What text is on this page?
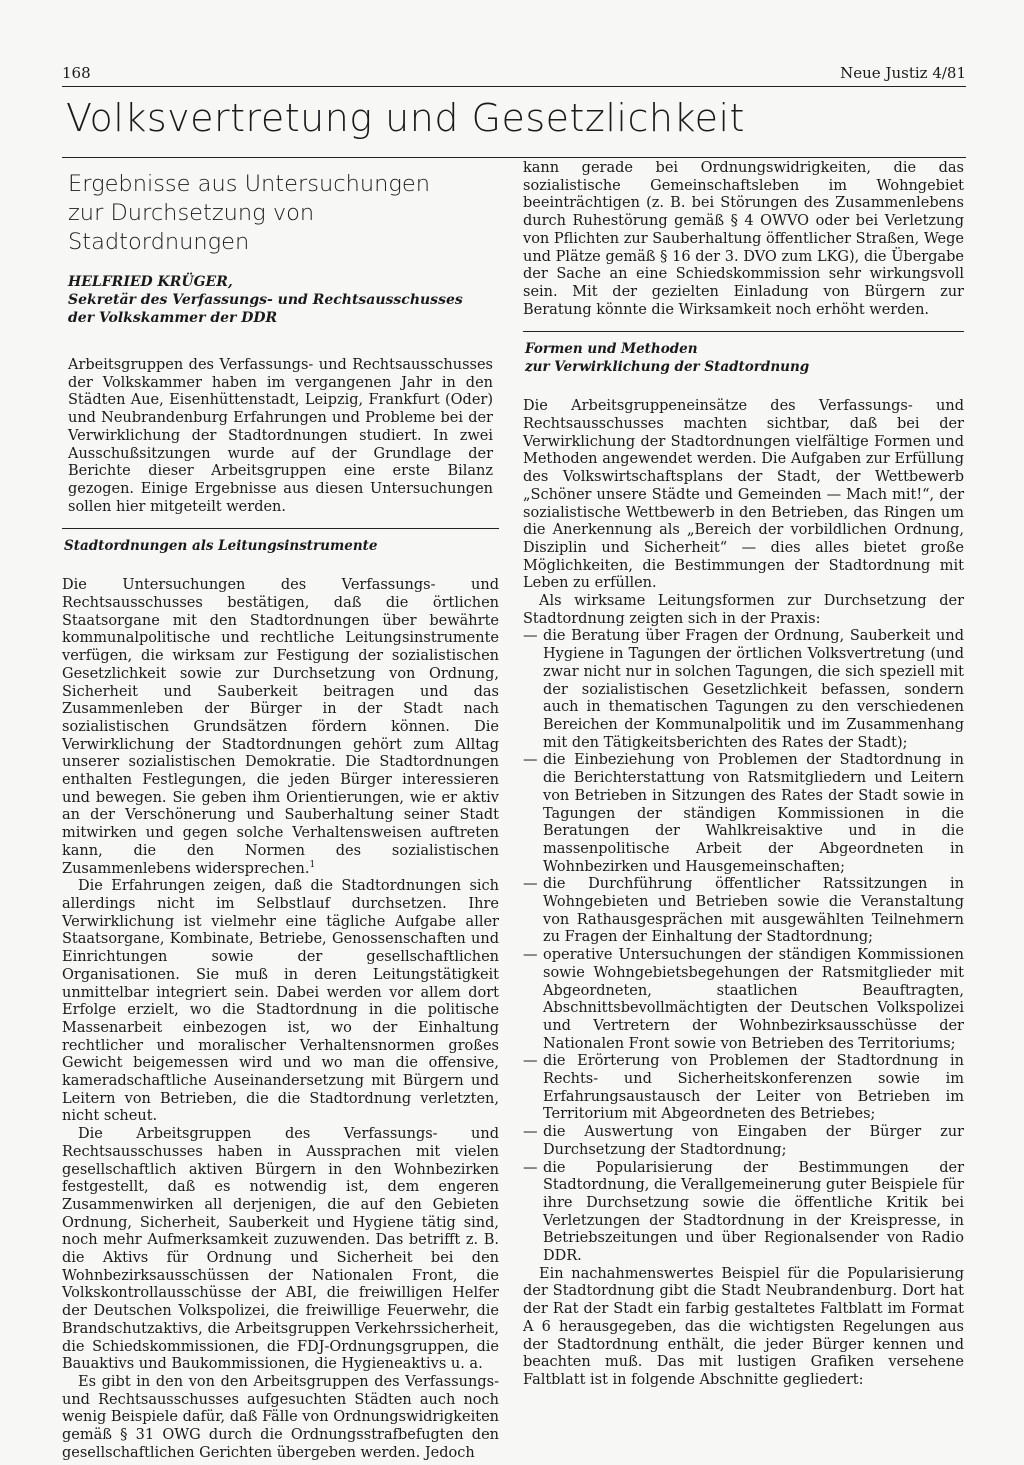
168	Neue Justiz 4/81
Volksvertretung und Gesetzlichkeit
Ergebnisse aus Untersuchungen
zur Durchsetzung von Stadtordnungen
HELFRIED KRÜGER,
Sekretär des Verfassungs- und Rechtsausschusses
der Volkskammer der DDR

Arbeitsgruppen des Verfassungs- und Rechtsausschusses der Volkskammer haben im vergangenen Jahr in den Städten Aue, Eisenhüttenstadt, Leipzig, Frankfurt (Oder) und Neubrandenburg Erfahrungen und Probleme bei der Verwirklichung der Stadtordnungen studiert. In zwei Ausschußsitzungen wurde auf der Grundlage der Berichte dieser Arbeitsgruppen eine erste Bilanz gezogen. Einige Ergebnisse aus diesen Untersuchungen sollen hier mitgeteilt werden.

Stadtordnungen als Leitungsinstrumente

Die Untersuchungen des Verfassungs- und Rechtsausschusses bestätigen, daß die örtlichen Staatsorgane mit den Stadtordnungen über bewährte kommunalpolitische und rechtliche Leitungsinstrumente verfügen, die wirksam zur Festigung der sozialistischen Gesetzlichkeit sowie zur Durchsetzung von Ordnung, Sicherheit und Sauberkeit beitragen und das Zusammenleben der Bürger in der Stadt nach sozialistischen Grundsätzen fördern können. Die Verwirklichung der Stadtordnungen gehört zum Alltag unserer sozialistischen Demokratie. Die Stadtordnungen enthalten Festlegungen, die jeden Bürger interessieren und bewegen. Sie geben ihm Orientierungen, wie er aktiv an der Verschönerung und Sauberhaltung seiner Stadt mitwirken und gegen solche Verhaltensweisen auftreten kann, die den Normen des sozialistischen Zusammenlebens widersprechen.$^1$

Die Erfahrungen zeigen, daß die Stadtordnungen sich allerdings nicht im Selbstlauf durchsetzen. Ihre Verwirklichung ist vielmehr eine tägliche Aufgabe aller Staatsorgane, Kombinate, Betriebe, Genossenschaften und Einrichtungen sowie der gesellschaftlichen Organisationen. Sie muß in deren Leitungstätigkeit unmittelbar integriert sein. Dabei werden vor allem dort Erfolge erzielt, wo die Stadtordnung in die politische Massenarbeit einbezogen ist, wo der Einhaltung rechtlicher und moralischer Verhaltensnormen großes Gewicht beigemessen wird und wo man die offensive, kameradschaftliche Auseinandersetzung mit Bürgern und Leitern von Betrieben, die die Stadtordnung verletzten, nicht scheut.

Die Arbeitsgruppen des Verfassungs- und Rechtsausschusses haben in Aussprachen mit vielen gesellschaftlich aktiven Bürgern in den Wohnbezirken festgestellt, daß es notwendig ist, dem engeren Zusammenwirken all derjenigen, die auf den Gebieten Ordnung, Sicherheit, Sauberkeit und Hygiene tätig sind, noch mehr Aufmerksamkeit zuzuwenden. Das betrifft z. B. die Aktivs für Ordnung und Sicherheit bei den Wohnbezirksausschüssen der Nationalen Front, die Volkskontrollausschüsse der ABI, die freiwilligen Helfer der Deutschen Volkspolizei, die freiwillige Feuerwehr, die Brandschutzaktivs, die Arbeitsgruppen Verkehrssicherheit, die Schiedskommissionen, die FDJ-Ordnungsgruppen, die Bauaktivs und Baukommissionen, die Hygieneaktivs u. a.

Es gibt in den von den Arbeitsgruppen des Verfassungs- und Rechtsausschusses aufgesuchten Städten auch noch wenig Beispiele dafür, daß Fälle von Ordnungswidrigkeiten gemäß § 31 OWG durch die Ordnungsstrafbefugten den gesellschaftlichen Gerichten übergeben werden. Jedoch

kann gerade bei Ordnungswidrigkeiten, die das sozialistische Gemeinschaftsleben im Wohngebiet beeinträchtigen (z. B. bei Störungen des Zusammenlebens durch Ruhestörung gemäß § 4 OWVO oder bei Verletzung von Pflichten zur Sauberhaltung öffentlicher Straßen, Wege und Plätze gemäß § 16 der 3. DVO zum LKG), die Übergabe der Sache an eine Schiedskommission sehr wirkungsvoll sein. Mit der gezielten Einladung von Bürgern zur Beratung könnte die Wirksamkeit noch erhöht werden.

Formen und Methoden
zur Verwirklichung der Stadtordnung

Die Arbeitsgruppeneinsätze des Verfassungs- und Rechtsausschusses machten sichtbar, daß bei der Verwirklichung der Stadtordnungen vielfältige Formen und Methoden angewendet werden. Die Aufgaben zur Erfüllung des Volkswirtschaftsplans der Stadt, der Wettbewerb „Schöner unsere Städte und Gemeinden — Mach mit!“, der sozialistische Wettbewerb in den Betrieben, das Ringen um die Anerkennung als „Bereich der vorbildlichen Ordnung, Disziplin und Sicherheit“ — dies alles bietet große Möglichkeiten, die Bestimmungen der Stadtordnung mit Leben zu erfüllen.

Als wirksame Leitungsformen zur Durchsetzung der Stadtordnung zeigten sich in der Praxis:

— die Beratung über Fragen der Ordnung, Sauberkeit und Hygiene in Tagungen der örtlichen Volksvertretung (und zwar nicht nur in solchen Tagungen, die sich speziell mit der sozialistischen Gesetzlichkeit befassen, sondern auch in thematischen Tagungen zu den verschiedenen Bereichen der Kommunalpolitik und im Zusammenhang mit den Tätigkeitsberichten des Rates der Stadt);
— die Einbeziehung von Problemen der Stadtordnung in die Berichterstattung von Ratsmitgliedern und Leitern von Betrieben in Sitzungen des Rates der Stadt sowie in Tagungen der ständigen Kommissionen in die Beratungen der Wahlkreisaktive und in die massenpolitische Arbeit der Abgeordneten in Wohnbezirken und Hausgemeinschaften;
— die Durchführung öffentlicher Ratssitzungen in Wohngebieten und Betrieben sowie die Veranstaltung von Rathausgesprächen mit ausgewählten Teilnehmern zu Fragen der Einhaltung der Stadtordnung;
— operative Untersuchungen der ständigen Kommissionen sowie Wohngebietsbegehungen der Ratsmitglieder mit Abgeordneten, staatlichen Beauftragten, Abschnittsbevollmächtigten der Deutschen Volkspolizei und Vertretern der Wohnbezirksausschüsse der Nationalen Front sowie von Betrieben des Territoriums;
— die Erörterung von Problemen der Stadtordnung in Rechts- und Sicherheitskonferenzen sowie im Erfahrungsaustausch der Leiter von Betrieben im Territorium mit Abgeordneten des Betriebes;
— die Auswertung von Eingaben der Bürger zur Durchsetzung der Stadtordnung;
— die Popularisierung der Bestimmungen der Stadtordnung, die Verallgemeinerung guter Beispiele für ihre Durchsetzung sowie die öffentliche Kritik bei Verletzungen der Stadtordnung in der Kreispresse, in Betriebszeitungen und über Regionalsender von Radio DDR.

Ein nachahmenswertes Beispiel für die Popularisierung der Stadtordnung gibt die Stadt Neubrandenburg. Dort hat der Rat der Stadt ein farbig gestaltetes Faltblatt im Format A 6 herausgegeben, das die wichtigsten Regelungen aus der Stadtordnung enthält, die jeder Bürger kennen und beachten muß. Das mit lustigen Grafiken versehene Faltblatt ist in folgende Abschnitte gegliedert:
